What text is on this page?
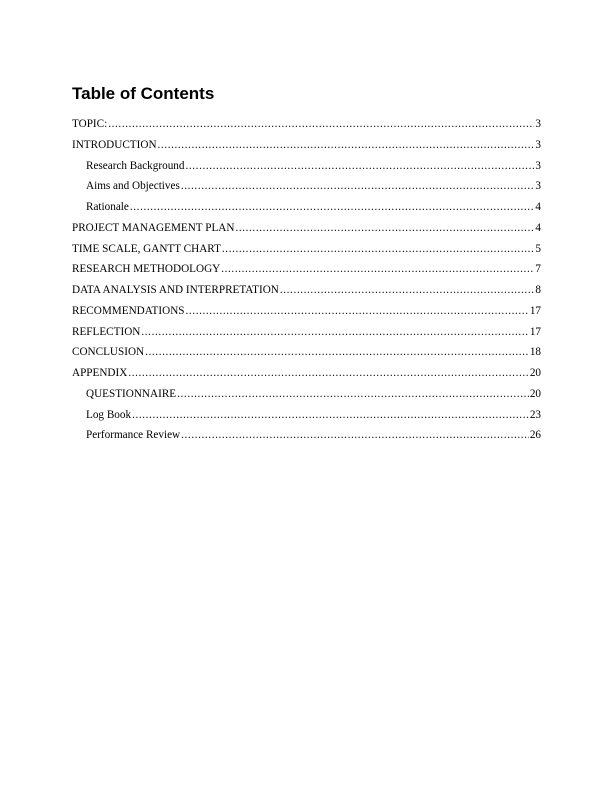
Table of Contents
TOPIC: .....	3
INTRODUCTION .....	3
Research Background .....	3
Aims and Objectives .....	3
Rationale .....	4
PROJECT MANAGEMENT PLAN .....	4
TIME SCALE, GANTT CHART .....	5
RESEARCH METHODOLOGY .....	7
DATA ANALYSIS AND INTERPRETATION .....	8
RECOMMENDATIONS .....	17
REFLECTION .....	17
CONCLUSION .....	18
APPENDIX .....	20
QUESTIONNAIRE .....	20
Log Book .....	23
Performance Review .....	26
